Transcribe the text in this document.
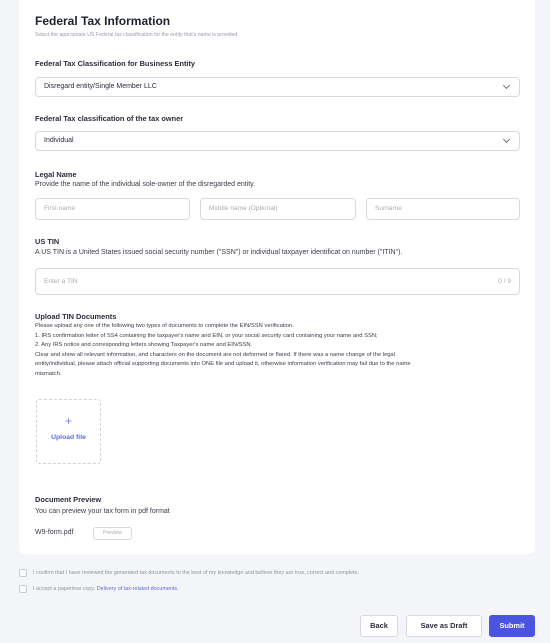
Federal Tax Information
Select the appropriate US Federal tax classification for the entity that's name is provided
Federal Tax Classification for Business Entity
Disregard entity/Single Member LLC
Federal Tax classification of the tax owner
Individual
Legal Name
Provide the name of the individual sole-owner of the disregarded entity.
First name	Middle name (Optional)	Surname
US TIN
A US TIN is a United States issued social security number ("SSN") or individual taxpayer identificat on number ("ITIN").
Enter a TIN	0 / 9
Upload TIN Documents
Please upload any one of the following two types of documents to complete the EIN/SSN verification.
1. IRS confirmation letter of SS4 containing the taxpayer's name and EIN, or your social security card containing your name and SSN;
2. Any IRS notice and corresponding letters showing Taxpayer's name and EIN/SSN.
Clear and show all relevant information, and characters on the document are not deformed or flared. If there was a name change of the legal
entity/individual, please attach official supporting documents into ONE file and upload it, otherwise information verification may fail due to the name
mismatch.
+
Upload file
Document Preview
You can preview your tax form in pdf format
W9-form.pdf	Preview
I confirm that I have reviewed the generated tax documents to the best of my knowledge and believe they are true, correct and complete.
I accept a paperless copy. Delivery of tax-related documents.
Back	Save as Draft	Submit
